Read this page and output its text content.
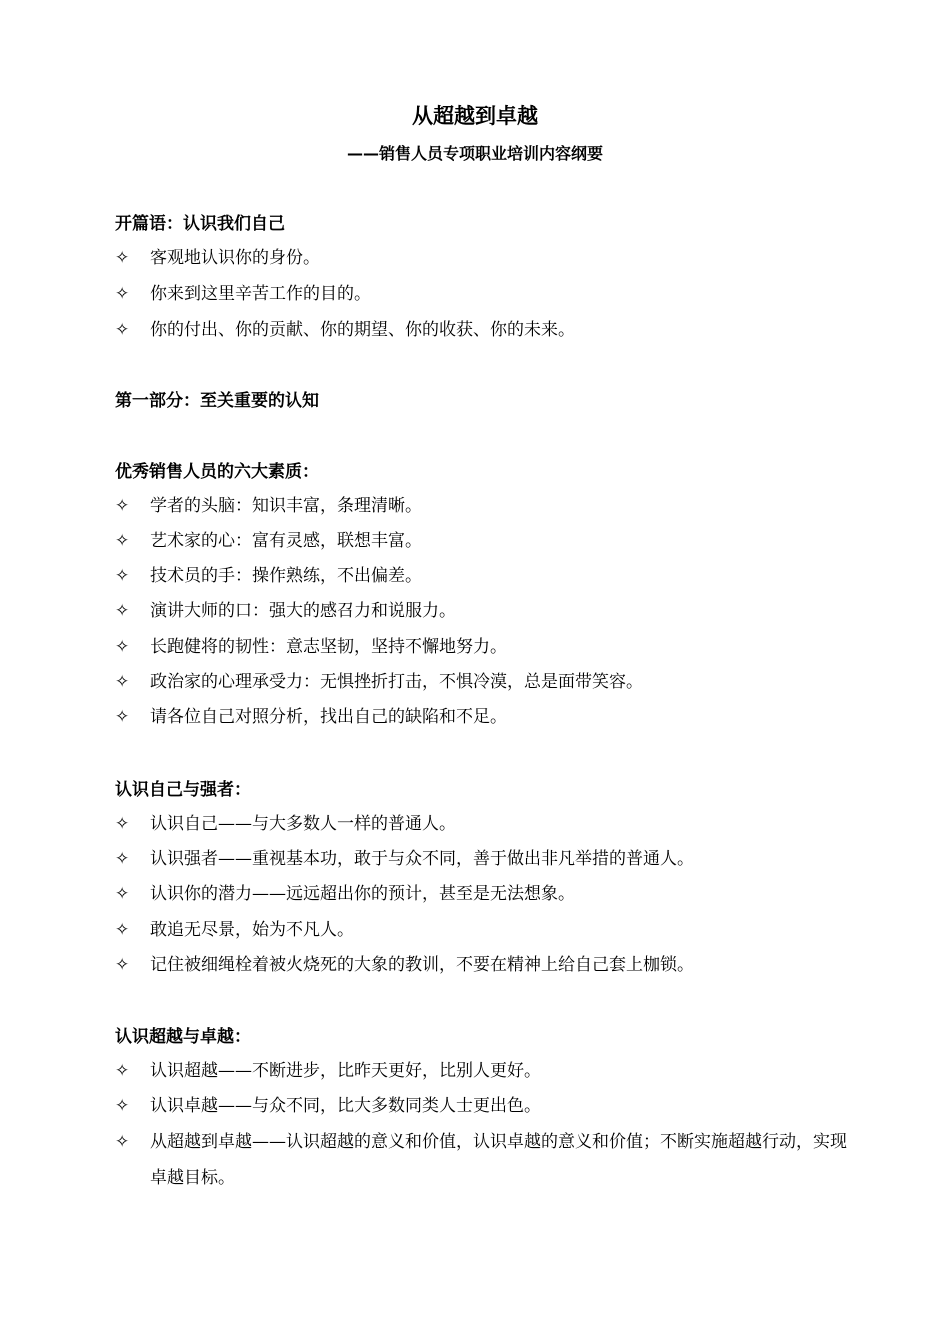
从超越到卓越
——销售人员专项职业培训内容纲要
开篇语：认识我们自己

✧	客观地认识你的身份。

✧	你来到这里辛苦工作的目的。

✧	你的付出、你的贡献、你的期望、你的收获、你的未来。

第一部分：至关重要的认知
优秀销售人员的六大素质：

✧	学者的头脑：知识丰富，条理清晰。

✧	艺术家的心：富有灵感，联想丰富。

✧	技术员的手：操作熟练，不出偏差。

✧	演讲大师的口：强大的感召力和说服力。

✧	长跑健将的韧性：意志坚韧，坚持不懈地努力。

✧	政治家的心理承受力：无惧挫折打击，不惧冷漠，总是面带笑容。

✧	请各位自己对照分析，找出自己的缺陷和不足。

认识自己与强者：

✧	认识自己——与大多数人一样的普通人。

✧	认识强者——重视基本功，敢于与众不同，善于做出非凡举措的普通人。

✧	认识你的潜力——远远超出你的预计，甚至是无法想象。

✧	敢追无尽景，始为不凡人。

✧	记住被细绳栓着被火烧死的大象的教训，不要在精神上给自己套上枷锁。

认识超越与卓越：

✧	认识超越——不断进步，比昨天更好，比别人更好。

✧	认识卓越——与众不同，比大多数同类人士更出色。

✧	从超越到卓越——认识超越的意义和价值，认识卓越的意义和价值；不断实施超越行动，实现卓越目标。
